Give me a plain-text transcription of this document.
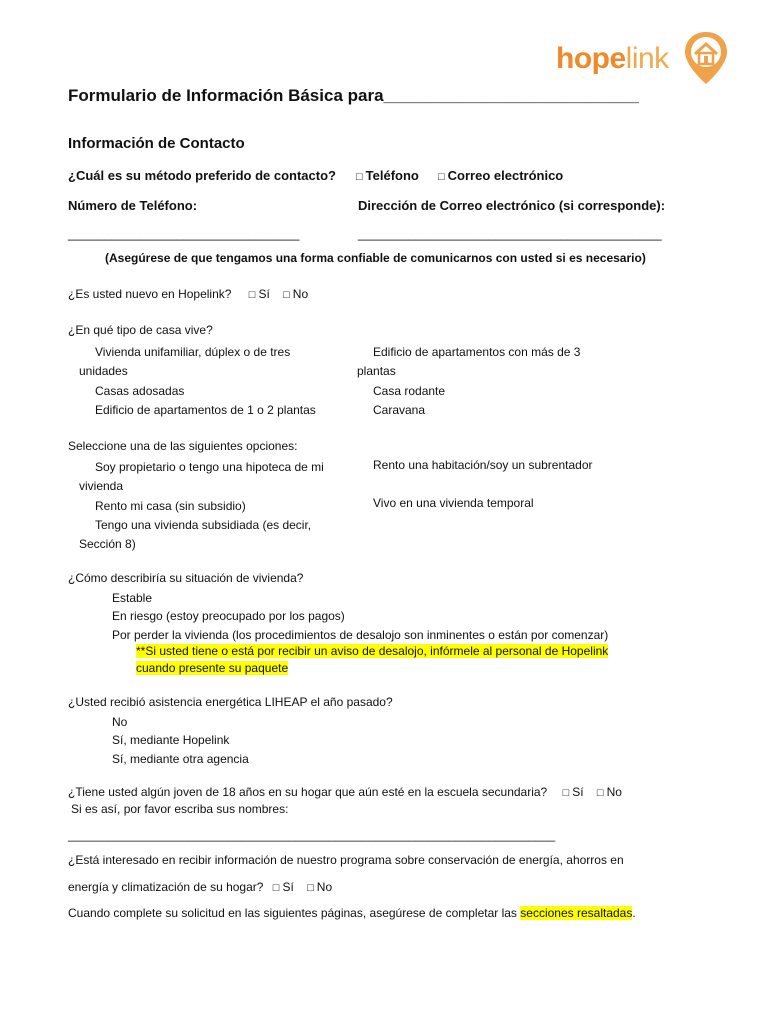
hopelink
Formulario de Información Básica para___________________________
Información de Contacto
¿Cuál es su método preferido de contacto? □ Teléfono □ Correo electrónico
Número de Teléfono:	Dirección de Correo electrónico (si corresponde):
________________________________	__________________________________________
(Asegúrese de que tengamos una forma confiable de comunicarnos con usted si es necesario)
¿Es usted nuevo en Hopelink? □ Sí □ No
¿En qué tipo de casa vive?
Vivienda unifamiliar, dúplex o de tres
unidades
Casas adosadas
Edificio de apartamentos de 1 o 2 plantas
Edificio de apartamentos con más de 3
plantas
Casa rodante
Caravana
Seleccione una de las siguientes opciones:
Soy propietario o tengo una hipoteca de mi
vivienda
Rento mi casa (sin subsidio)
Tengo una vivienda subsidiada (es decir,
Sección 8)
Rento una habitación/soy un subrentador
Vivo en una vivienda temporal
¿Cómo describiría su situación de vivienda?
Estable
En riesgo (estoy preocupado por los pagos)
Por perder la vivienda (los procedimientos de desalojo son inminentes o están por comenzar)
**Si usted tiene o está por recibir un aviso de desalojo, infórmele al personal de Hopelink
cuando presente su paquete
¿Usted recibió asistencia energética LIHEAP el año pasado?
No
Sí, mediante Hopelink
Sí, mediante otra agencia
¿Tiene usted algún joven de 18 años en su hogar que aún esté en la escuela secundaria? □ Sí □ No
Si es así, por favor escriba sus nombres:
_________________________________________________________________________
¿Está interesado en recibir información de nuestro programa sobre conservación de energía, ahorros en
energía y climatización de su hogar? □ Sí □ No
Cuando complete su solicitud en las siguientes páginas, asegúrese de completar las secciones resaltadas.
